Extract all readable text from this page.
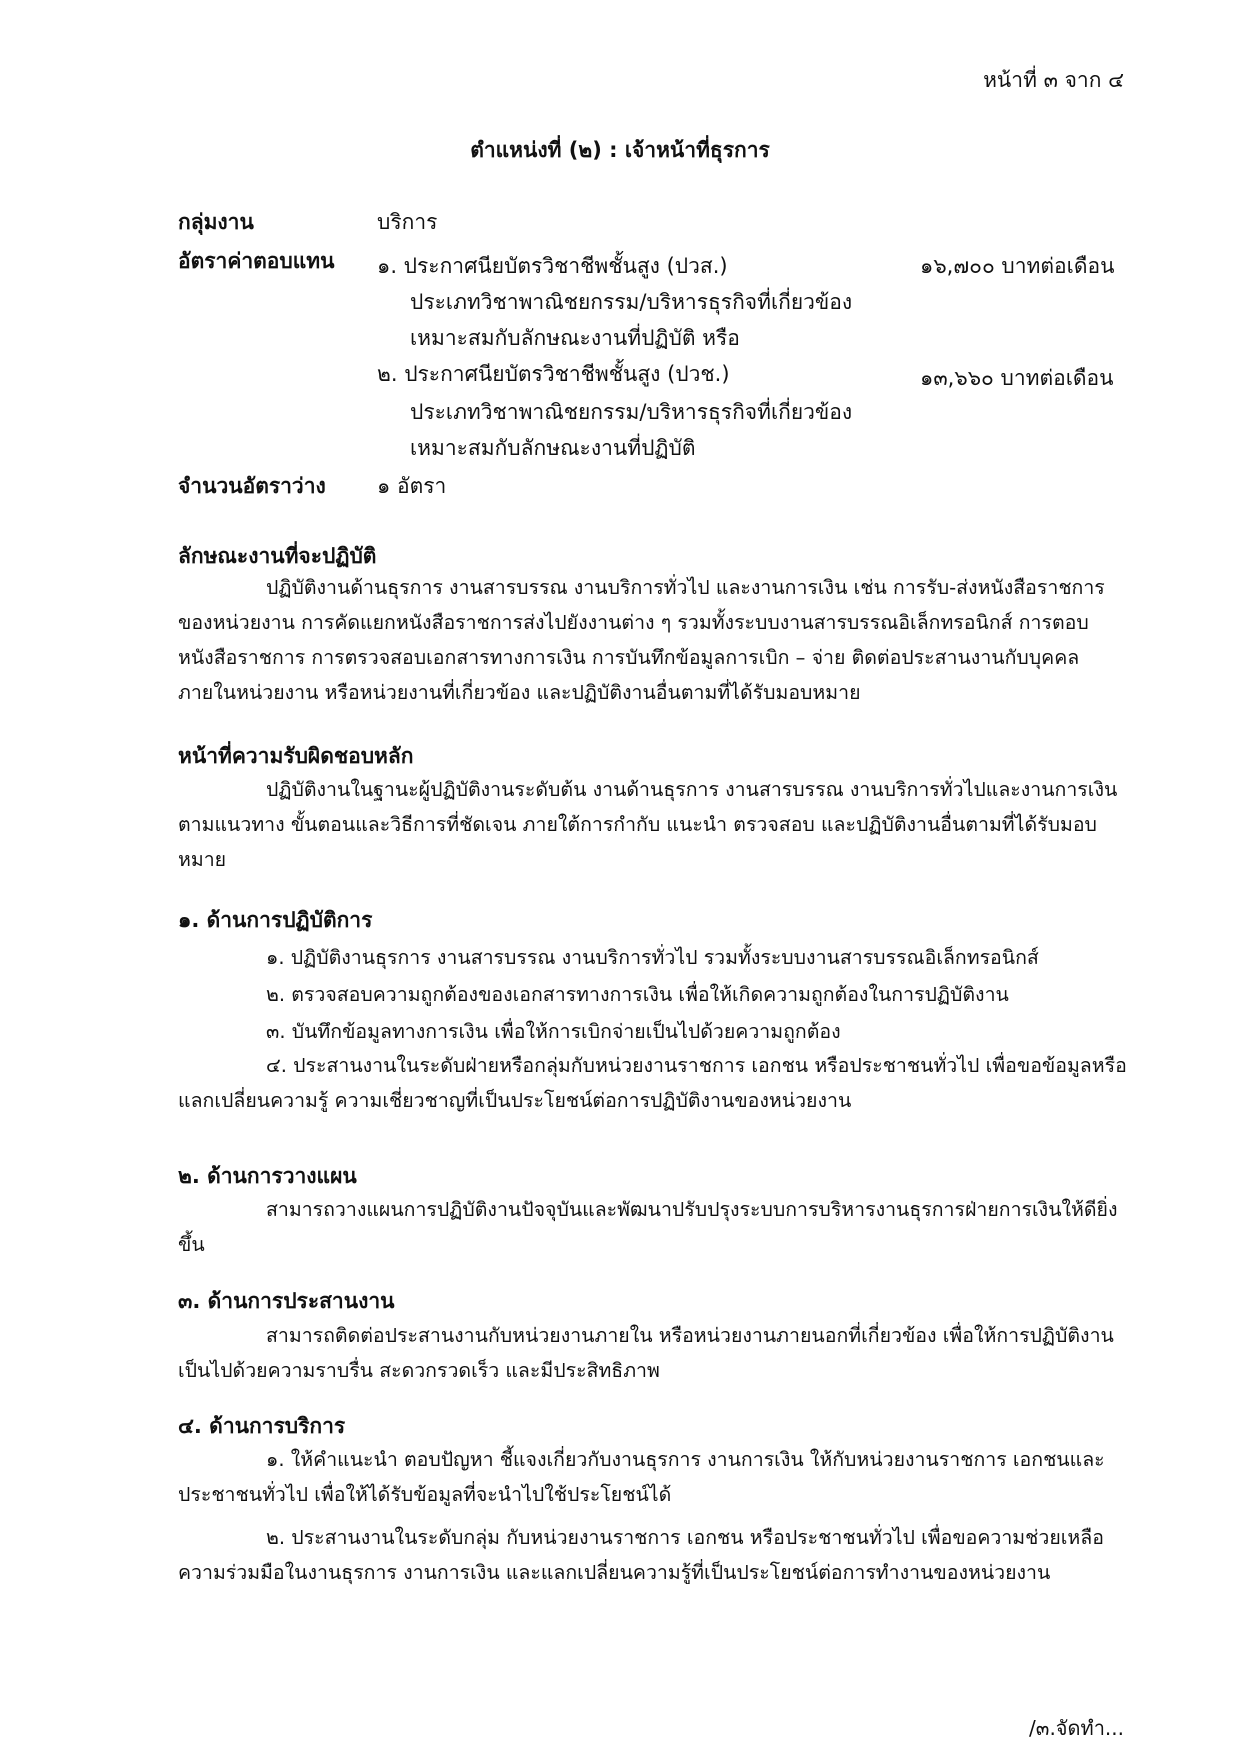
หน้าที่ ๓ จาก ๔
ตำแหน่งที่ (๒) : เจ้าหน้าที่ธุรการ
กลุ่มงาน	บริการ
อัตราค่าตอบแทน ๑. ประกาศนียบัตรวิชาชีพชั้นสูง (ปวส.)	๑๖,๗๐๐ บาทต่อเดือน
ประเภทวิชาพาณิชยกรรม/บริหารธุรกิจที่เกี่ยวข้อง
เหมาะสมกับลักษณะงานที่ปฏิบัติ หรือ
๒. ประกาศนียบัตรวิชาชีพชั้นสูง (ปวช.)	๑๓,๖๖๐ บาทต่อเดือน
ประเภทวิชาพาณิชยกรรม/บริหารธุรกิจที่เกี่ยวข้อง
เหมาะสมกับลักษณะงานที่ปฏิบัติ
จำนวนอัตราว่าง ๑ อัตรา
ลักษณะงานที่จะปฏิบัติ

ปฏิบัติงานด้านธุรการ งานสารบรรณ งานบริการทั่วไป และงานการเงิน เช่น การรับ-ส่งหนังสือราชการของหน่วยงาน การคัดแยกหนังสือราชการส่งไปยังงานต่าง ๆ รวมทั้งระบบงานสารบรรณอิเล็กทรอนิกส์ การตอบหนังสือราชการ การตรวจสอบเอกสารทางการเงิน การบันทึกข้อมูลการเบิก – จ่าย ติดต่อประสานงานกับบุคคลภายในหน่วยงาน หรือหน่วยงานที่เกี่ยวข้อง และปฏิบัติงานอื่นตามที่ได้รับมอบหมาย

หน้าที่ความรับผิดชอบหลัก

ปฏิบัติงานในฐานะผู้ปฏิบัติงานระดับต้น งานด้านธุรการ งานสารบรรณ งานบริการทั่วไปและงานการเงินตามแนวทาง ขั้นตอนและวิธีการที่ชัดเจน ภายใต้การกำกับ แนะนำ ตรวจสอบ และปฏิบัติงานอื่นตามที่ได้รับมอบหมาย

๑. ด้านการปฏิบัติการ
๑. ปฏิบัติงานธุรการ งานสารบรรณ งานบริการทั่วไป รวมทั้งระบบงานสารบรรณอิเล็กทรอนิกส์
๒. ตรวจสอบความถูกต้องของเอกสารทางการเงิน เพื่อให้เกิดความถูกต้องในการปฏิบัติงาน
๓. บันทึกข้อมูลทางการเงิน เพื่อให้การเบิกจ่ายเป็นไปด้วยความถูกต้อง

๔. ประสานงานในระดับฝ่ายหรือกลุ่มกับหน่วยงานราชการ เอกชน หรือประชาชนทั่วไป เพื่อขอข้อมูลหรือแลกเปลี่ยนความรู้ ความเชี่ยวชาญที่เป็นประโยชน์ต่อการปฏิบัติงานของหน่วยงาน

๒. ด้านการวางแผน

สามารถวางแผนการปฏิบัติงานปัจจุบันและพัฒนาปรับปรุงระบบการบริหารงานธุรการฝ่ายการเงินให้ดียิ่งขึ้น

๓. ด้านการประสานงาน

สามารถติดต่อประสานงานกับหน่วยงานภายใน หรือหน่วยงานภายนอกที่เกี่ยวข้อง เพื่อให้การปฏิบัติงานเป็นไปด้วยความราบรื่น สะดวกรวดเร็ว และมีประสิทธิภาพ

๔. ด้านการบริการ

๑. ให้คำแนะนำ ตอบปัญหา ชี้แจงเกี่ยวกับงานธุรการ งานการเงิน ให้กับหน่วยงานราชการ เอกชนและประชาชนทั่วไป เพื่อให้ได้รับข้อมูลที่จะนำไปใช้ประโยชน์ได้

๒. ประสานงานในระดับกลุ่ม กับหน่วยงานราชการ เอกชน หรือประชาชนทั่วไป เพื่อขอความช่วยเหลือ ความร่วมมือในงานธุรการ งานการเงิน และแลกเปลี่ยนความรู้ที่เป็นประโยชน์ต่อการทำงานของหน่วยงาน

/๓.จัดทำ...
